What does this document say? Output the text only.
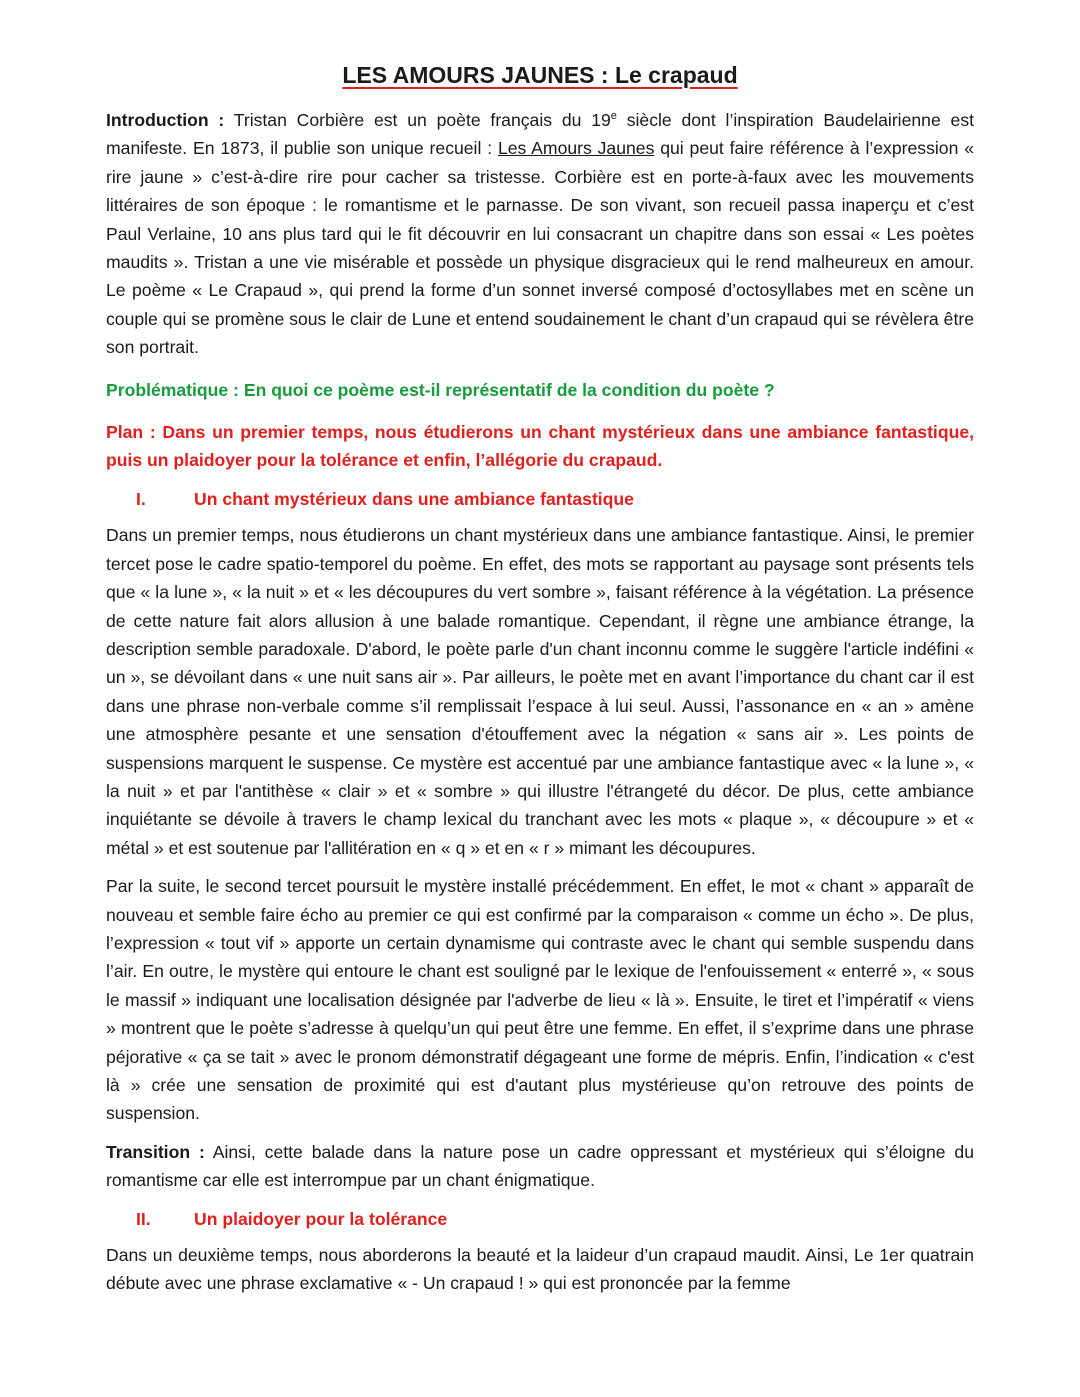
LES AMOURS JAUNES : Le crapaud

Introduction : Tristan Corbière est un poète français du 19e siècle dont l’inspiration Baudelairienne est manifeste. En 1873, il publie son unique recueil : Les Amours Jaunes qui peut faire référence à l’expression « rire jaune » c’est-à-dire rire pour cacher sa tristesse. Corbière est en porte-à-faux avec les mouvements littéraires de son époque : le romantisme et le parnasse. De son vivant, son recueil passa inaperçu et c’est Paul Verlaine, 10 ans plus tard qui le fit découvrir en lui consacrant un chapitre dans son essai « Les poètes maudits ». Tristan a une vie misérable et possède un physique disgracieux qui le rend malheureux en amour. Le poème « Le Crapaud », qui prend la forme d’un sonnet inversé composé d’octosyllabes met en scène un couple qui se promène sous le clair de Lune et entend soudainement le chant d’un crapaud qui se révèlera être son portrait.

Problématique : En quoi ce poème est-il représentatif de la condition du poète ?

Plan : Dans un premier temps, nous étudierons un chant mystérieux dans une ambiance fantastique, puis un plaidoyer pour la tolérance et enfin, l’allégorie du crapaud.

I.	Un chant mystérieux dans une ambiance fantastique

Dans un premier temps, nous étudierons un chant mystérieux dans une ambiance fantastique. Ainsi, le premier tercet pose le cadre spatio-temporel du poème. En effet, des mots se rapportant au paysage sont présents tels que « la lune », « la nuit » et « les découpures du vert sombre », faisant référence à la végétation. La présence de cette nature fait alors allusion à une balade romantique. Cependant, il règne une ambiance étrange, la description semble paradoxale. D'abord, le poète parle d'un chant inconnu comme le suggère l'article indéfini « un », se dévoilant dans « une nuit sans air ». Par ailleurs, le poète met en avant l’importance du chant car il est dans une phrase non-verbale comme s’il remplissait l’espace à lui seul. Aussi, l’assonance en « an » amène une atmosphère pesante et une sensation d'étouffement avec la négation « sans air ». Les points de suspensions marquent le suspense. Ce mystère est accentué par une ambiance fantastique avec « la lune », « la nuit » et par l'antithèse « clair » et « sombre » qui illustre l'étrangeté du décor. De plus, cette ambiance inquiétante se dévoile à travers le champ lexical du tranchant avec les mots « plaque », « découpure » et « métal » et est soutenue par l'allitération en « q » et en « r » mimant les découpures.

Par la suite, le second tercet poursuit le mystère installé précédemment. En effet, le mot « chant » apparaît de nouveau et semble faire écho au premier ce qui est confirmé par la comparaison « comme un écho ». De plus, l’expression « tout vif » apporte un certain dynamisme qui contraste avec le chant qui semble suspendu dans l’air. En outre, le mystère qui entoure le chant est souligné par le lexique de l'enfouissement « enterré », « sous le massif » indiquant une localisation désignée par l'adverbe de lieu « là ». Ensuite, le tiret et l’impératif « viens » montrent que le poète s’adresse à quelqu’un qui peut être une femme. En effet, il s’exprime dans une phrase péjorative « ça se tait » avec le pronom démonstratif dégageant une forme de mépris. Enfin, l’indication « c'est là » crée une sensation de proximité qui est d'autant plus mystérieuse qu’on retrouve des points de suspension.

Transition : Ainsi, cette balade dans la nature pose un cadre oppressant et mystérieux qui s’éloigne du romantisme car elle est interrompue par un chant énigmatique.

II.	Un plaidoyer pour la tolérance

Dans un deuxième temps, nous aborderons la beauté et la laideur d’un crapaud maudit. Ainsi, Le 1er quatrain débute avec une phrase exclamative « - Un crapaud ! » qui est prononcée par la femme
